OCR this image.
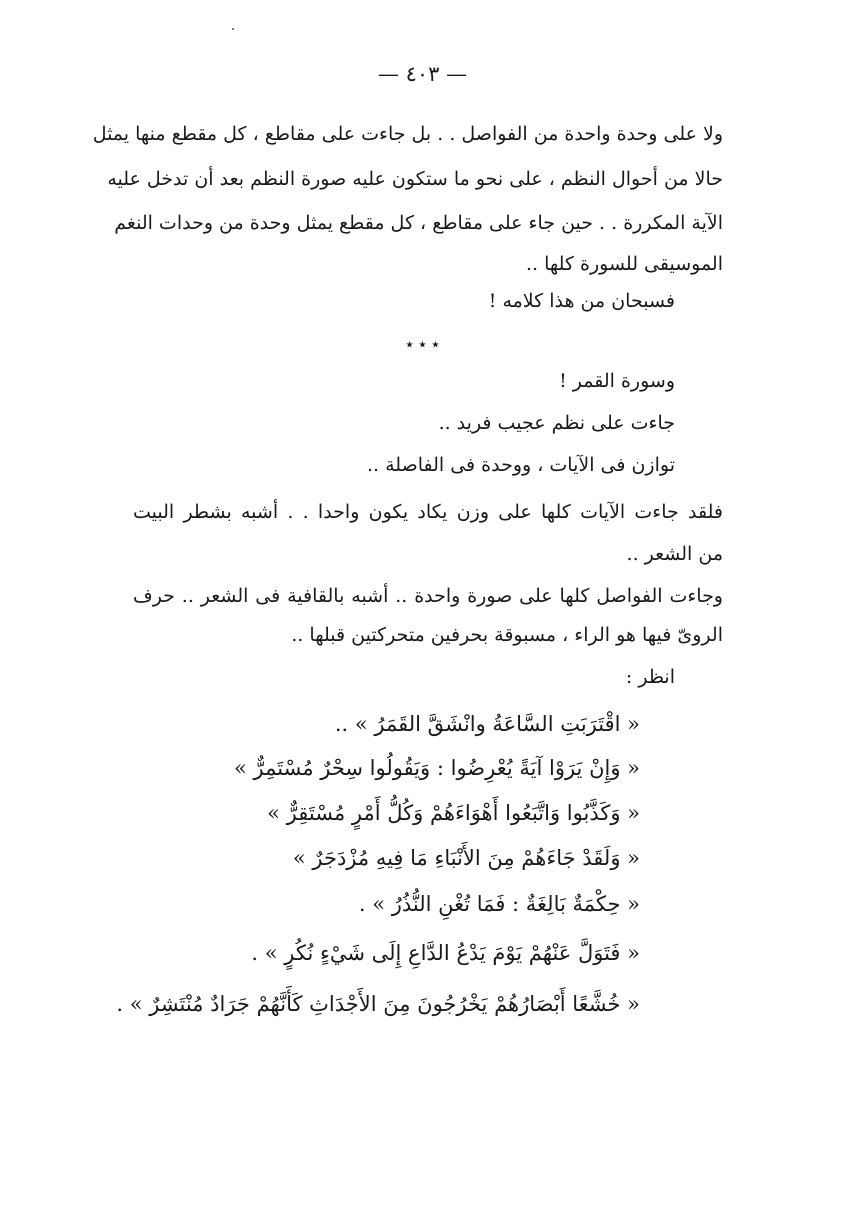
— ٤٠٣ —
ولا على وحدة واحدة من الفواصل . . بل جاءت على مقاطع ، كل مقطع منها يمثل
حالا من أحوال النظم ، على نحو ما ستكون عليه صورة النظم بعد أن تدخل عليه
الآية المكررة . . حين جاء على مقاطع ، كل مقطع يمثل وحدة من وحدات النغم
الموسيقى للسورة كلها ..
فسبحان من هذا كلامه !
٭ ٭ ٭
وسورة القمر !
جاءت على نظم عجيب فريد ..
توازن فى الآيات ، ووحدة فى الفاصلة ..
فلقد جاءت الآيات كلها على وزن يكاد يكون واحدا . . أشبه بشطر البيت
من الشعر ..
وجاءت الفواصل كلها على صورة واحدة .. أشبه بالقافية فى الشعر .. حرف
الروىّ فيها هو الراء ، مسبوقة بحرفين متحركتين قبلها ..
انظر :
« اقْتَرَبَتِ السَّاعَةُ وانْشَقَّ القَمَرُ » ..
« وَإِنْ يَرَوْا آيَةً يُعْرِضُوا : وَيَقُولُوا سِحْرٌ مُسْتَمِرٌّ »
« وَكَذَّبُوا وَاتَّبَعُوا أَهْوَاءَهُمْ وَكُلُّ أَمْرٍ مُسْتَقِرٌّ »
« وَلَقَدْ جَاءَهُمْ مِنَ الأَنْبَاءِ مَا فِيهِ مُزْدَجَرٌ »
« حِكْمَةٌ بَالِغَةٌ : فَمَا تُغْنِ النُّذُرُ » .
« فَتَوَلَّ عَنْهُمْ يَوْمَ يَدْعُ الدَّاعِ إِلَى شَيْءٍ نُكُرٍ » .
« خُشَّعًا أَبْصَارُهُمْ يَخْرُجُونَ مِنَ الأَجْدَاثِ كَأَنَّهُمْ جَرَادٌ مُنْتَشِرٌ » .
